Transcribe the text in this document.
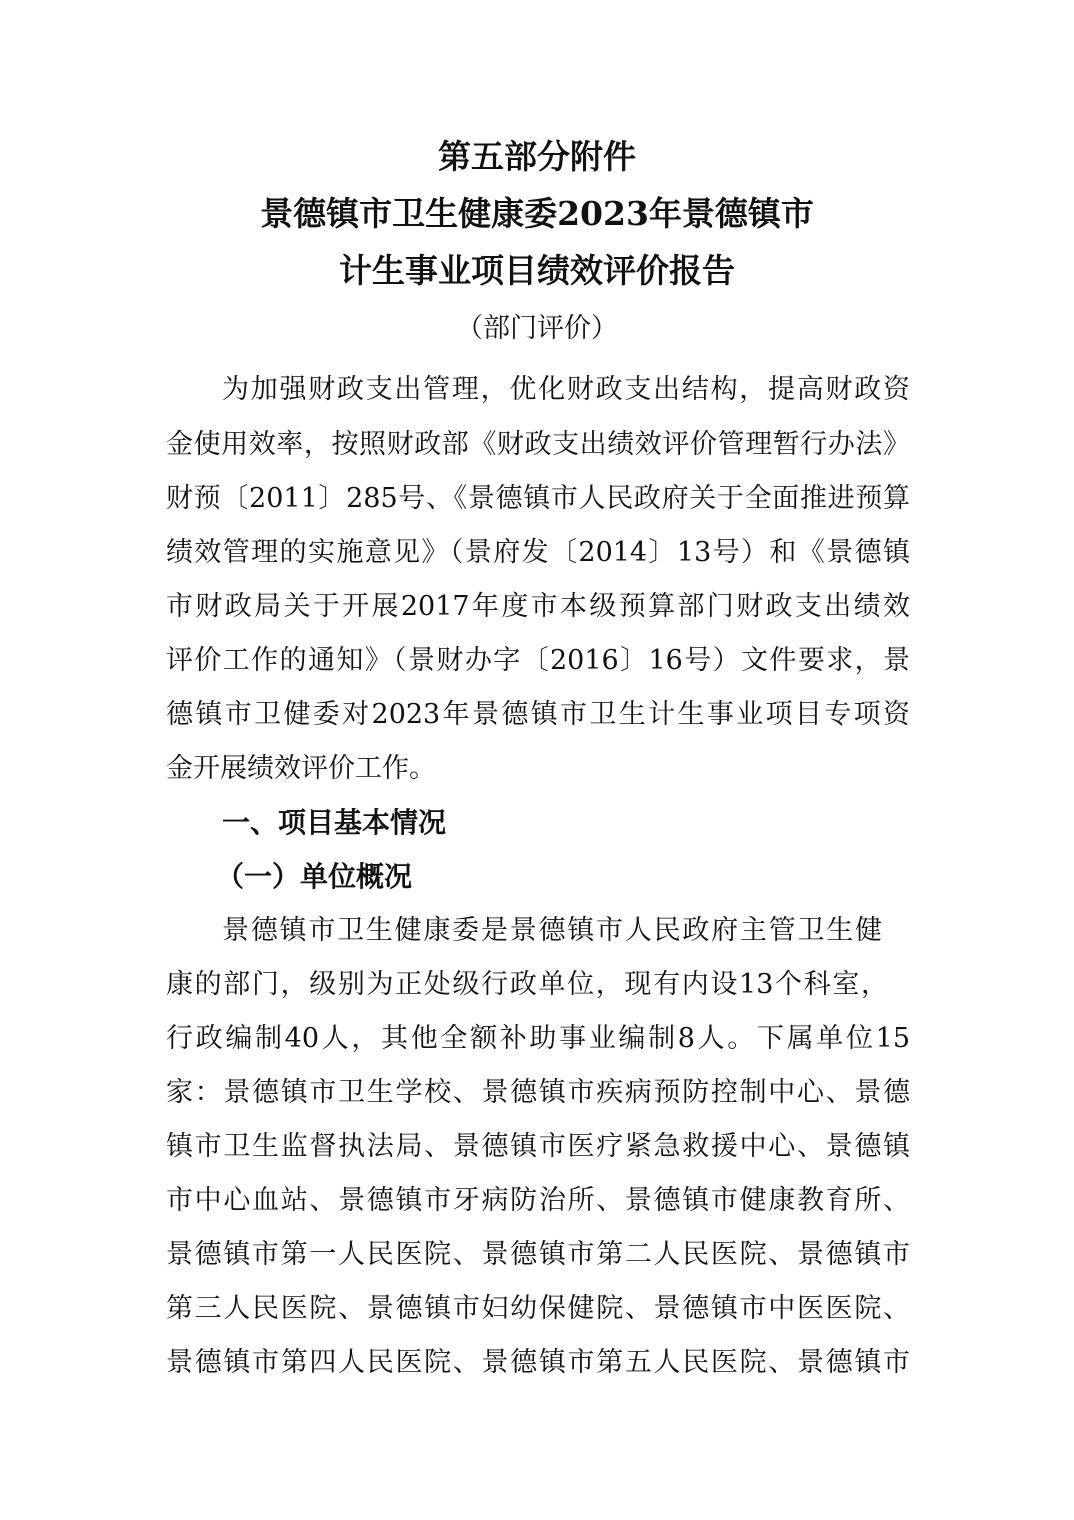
第五部分附件
景德镇市卫生健康委2023年景德镇市
计生事业项目绩效评价报告
（部门评价）
为加强财政支出管理，优化财政支出结构，提高财政资
金使用效率，按照财政部《财政支出绩效评价管理暂行办法》
财预〔2011〕285号、《景德镇市人民政府关于全面推进预算
绩效管理的实施意见》（景府发〔2014〕13号）和《景德镇
市财政局关于开展2017年度市本级预算部门财政支出绩效
评价工作的通知》（景财办字〔2016〕16号）文件要求，景
德镇市卫健委对2023年景德镇市卫生计生事业项目专项资
金开展绩效评价工作。
一、项目基本情况
（一）单位概况
景德镇市卫生健康委是景德镇市人民政府主管卫生健
康的部门，级别为正处级行政单位，现有内设13个科室，
行政编制40人，其他全额补助事业编制8人。下属单位15
家：景德镇市卫生学校、景德镇市疾病预防控制中心、景德
镇市卫生监督执法局、景德镇市医疗紧急救援中心、景德镇
市中心血站、景德镇市牙病防治所、景德镇市健康教育所、
景德镇市第一人民医院、景德镇市第二人民医院、景德镇市
第三人民医院、景德镇市妇幼保健院、景德镇市中医医院、
景德镇市第四人民医院、景德镇市第五人民医院、景德镇市
